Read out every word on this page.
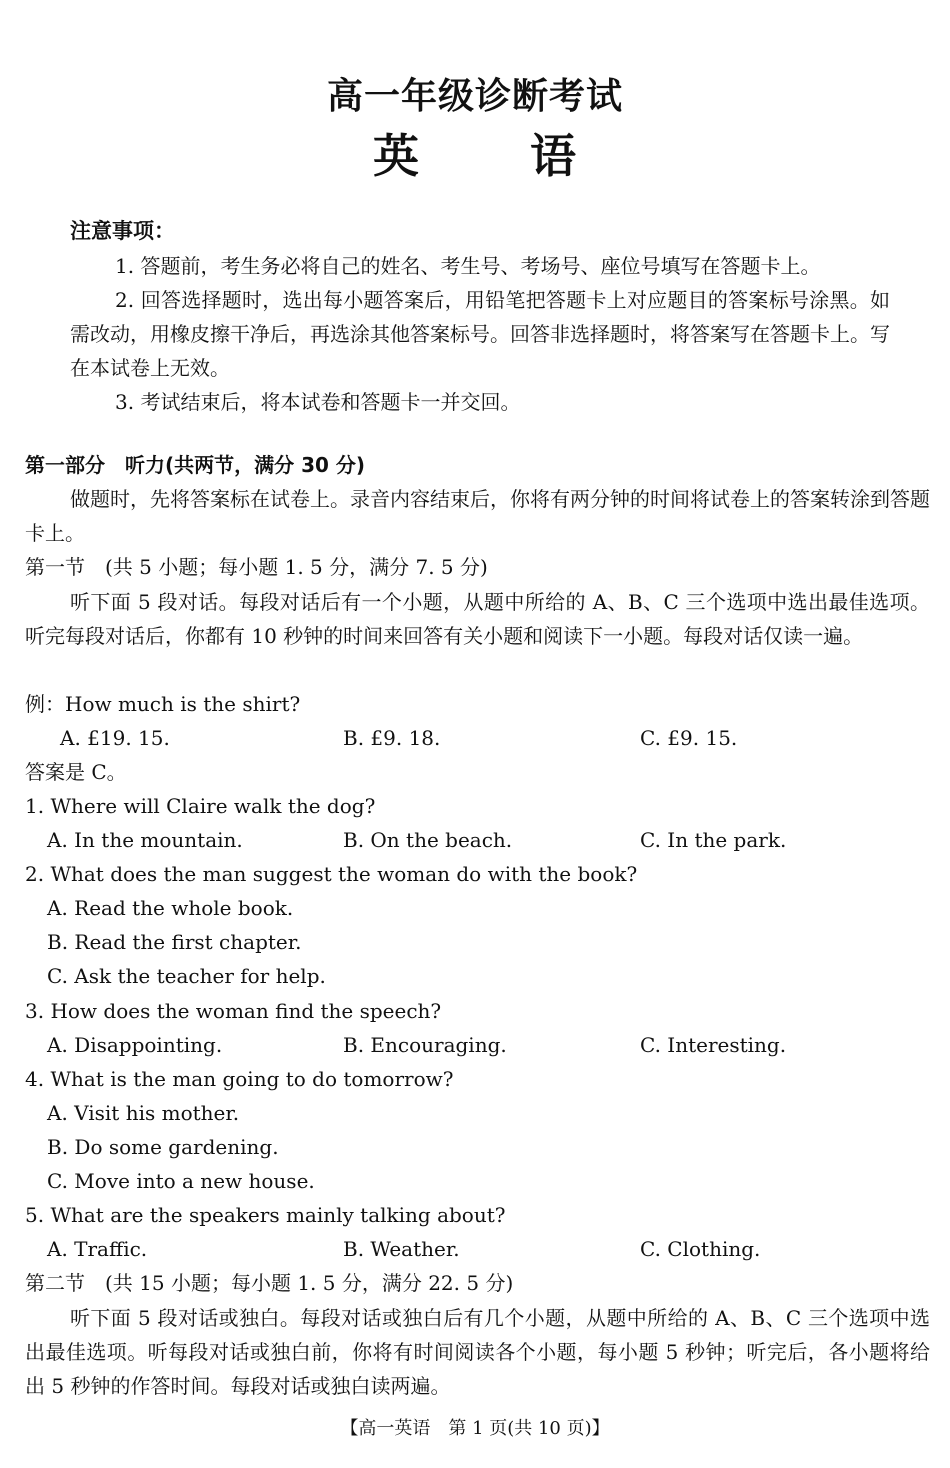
高一年级诊断考试
英 语
注意事项：
1. 答题前，考生务必将自己的姓名、考生号、考场号、座位号填写在答题卡上。
2. 回答选择题时，选出每小题答案后，用铅笔把答题卡上对应题目的答案标号涂黑。如需改动，用橡皮擦干净后，再选涂其他答案标号。回答非选择题时，将答案写在答题卡上。写在本试卷上无效。
3. 考试结束后，将本试卷和答题卡一并交回。
第一部分　听力(共两节，满分 30 分)
做题时，先将答案标在试卷上。录音内容结束后，你将有两分钟的时间将试卷上的答案转涂到答题卡上。
第一节　(共 5 小题；每小题 1. 5 分，满分 7. 5 分)
听下面 5 段对话。每段对话后有一个小题，从题中所给的 A、B、C 三个选项中选出最佳选项。听完每段对话后，你都有 10 秒钟的时间来回答有关小题和阅读下一小题。每段对话仅读一遍。
例：How much is the shirt?
A. £19. 15.	B. £9. 18.	C. £9. 15.
答案是 C。
1. Where will Claire walk the dog?
A. In the mountain.	B. On the beach.	C. In the park.
2. What does the man suggest the woman do with the book?
A. Read the whole book.
B. Read the first chapter.
C. Ask the teacher for help.
3. How does the woman find the speech?
A. Disappointing.	B. Encouraging.	C. Interesting.
4. What is the man going to do tomorrow?
A. Visit his mother.
B. Do some gardening.
C. Move into a new house.
5. What are the speakers mainly talking about?
A. Traffic.	B. Weather.	C. Clothing.
第二节　(共 15 小题；每小题 1. 5 分，满分 22. 5 分)
听下面 5 段对话或独白。每段对话或独白后有几个小题，从题中所给的 A、B、C 三个选项中选出最佳选项。听每段对话或独白前，你将有时间阅读各个小题，每小题 5 秒钟；听完后，各小题将给出 5 秒钟的作答时间。每段对话或独白读两遍。
【高一英语　第 1 页(共 10 页)】
